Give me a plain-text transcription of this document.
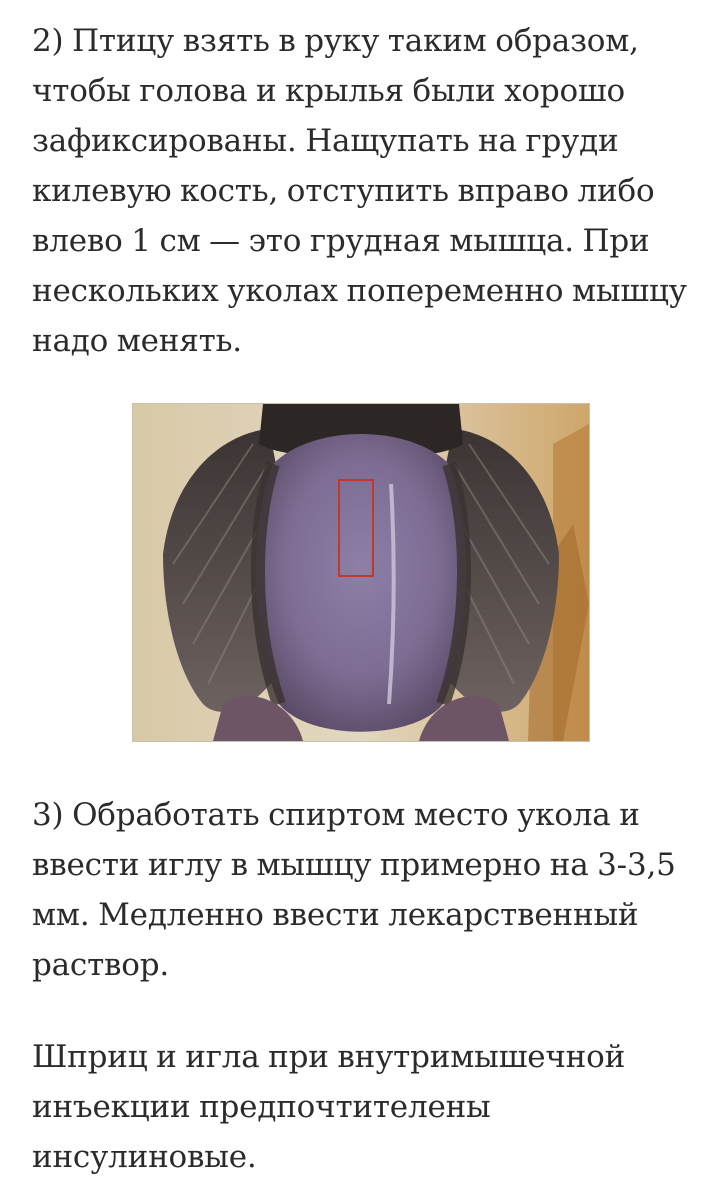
2) Птицу взять в руку таким образом,
чтобы голова и крылья были хорошо
зафиксированы. Нащупать на груди
килевую кость, отступить вправо либо
влево 1 см — это грудная мышца. При
нескольких уколах попеременно мышцу
надо менять.

3) Обработать спиртом место укола и
ввести иглу в мышцу примерно на 3-3,5
мм. Медленно ввести лекарственный
раствор.

Шприц и игла при внутримышечной
инъекции предпочтителены
инсулиновые.
